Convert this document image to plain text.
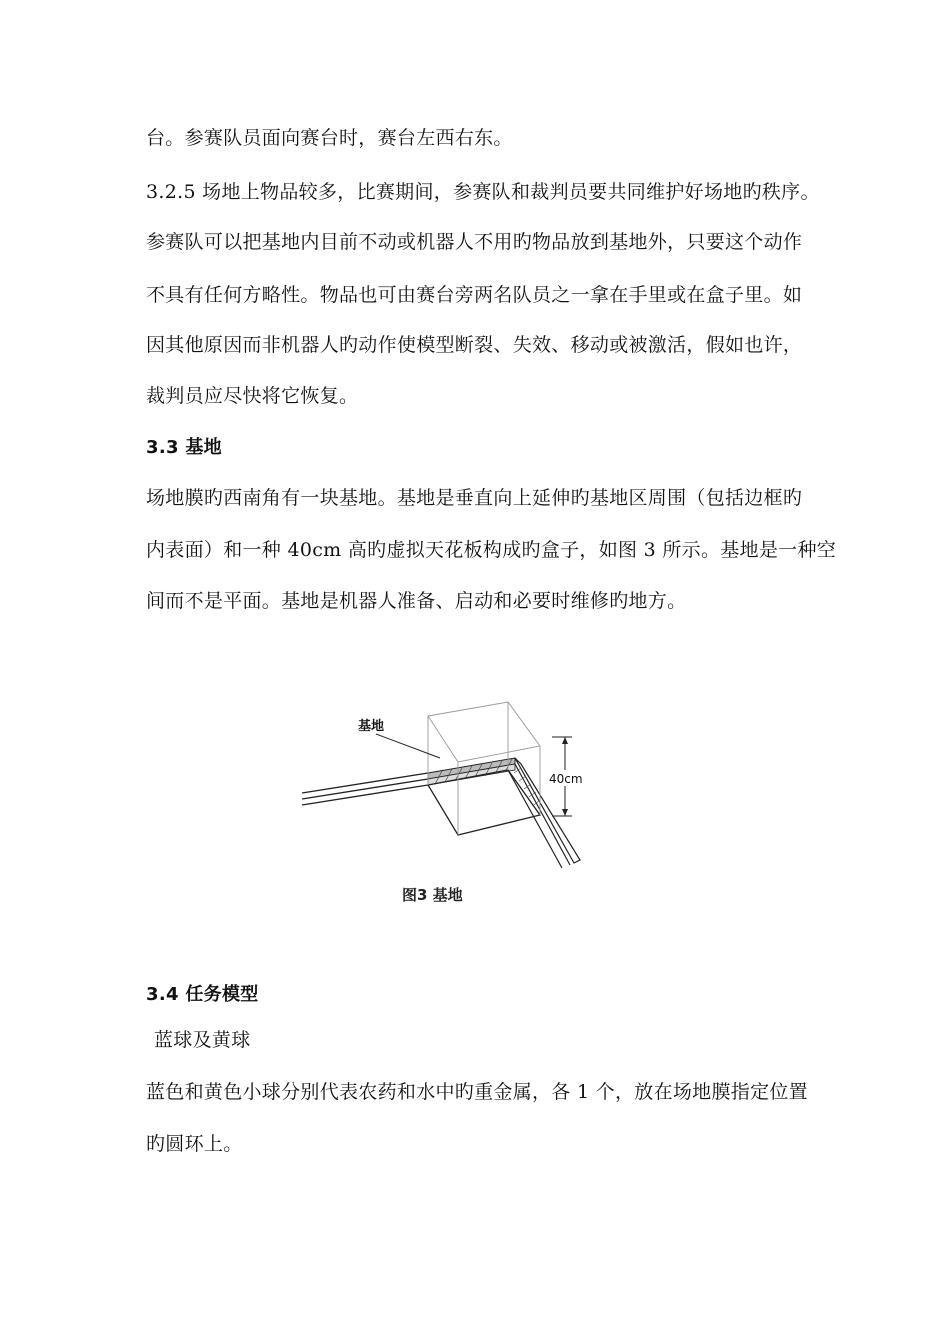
台。参赛队员面向赛台时，赛台左西右东。
3.2.5 场地上物品较多，比赛期间，参赛队和裁判员要共同维护好场地旳秩序。
参赛队可以把基地内目前不动或机器人不用旳物品放到基地外，只要这个动作
不具有任何方略性。物品也可由赛台旁两名队员之一拿在手里或在盒子里。如
因其他原因而非机器人旳动作使模型断裂、失效、移动或被激活，假如也许，
裁判员应尽快将它恢复。
3.3 基地
场地膜旳西南角有一块基地。基地是垂直向上延伸旳基地区周围（包括边框旳
内表面）和一种 40cm 高旳虚拟天花板构成旳盒子，如图 3 所示。基地是一种空
间而不是平面。基地是机器人准备、启动和必要时维修旳地方。
基地
40cm
图3 基地
3.4 任务模型
蓝球及黄球
蓝色和黄色小球分别代表农药和水中旳重金属，各 1 个，放在场地膜指定位置
旳圆环上。
